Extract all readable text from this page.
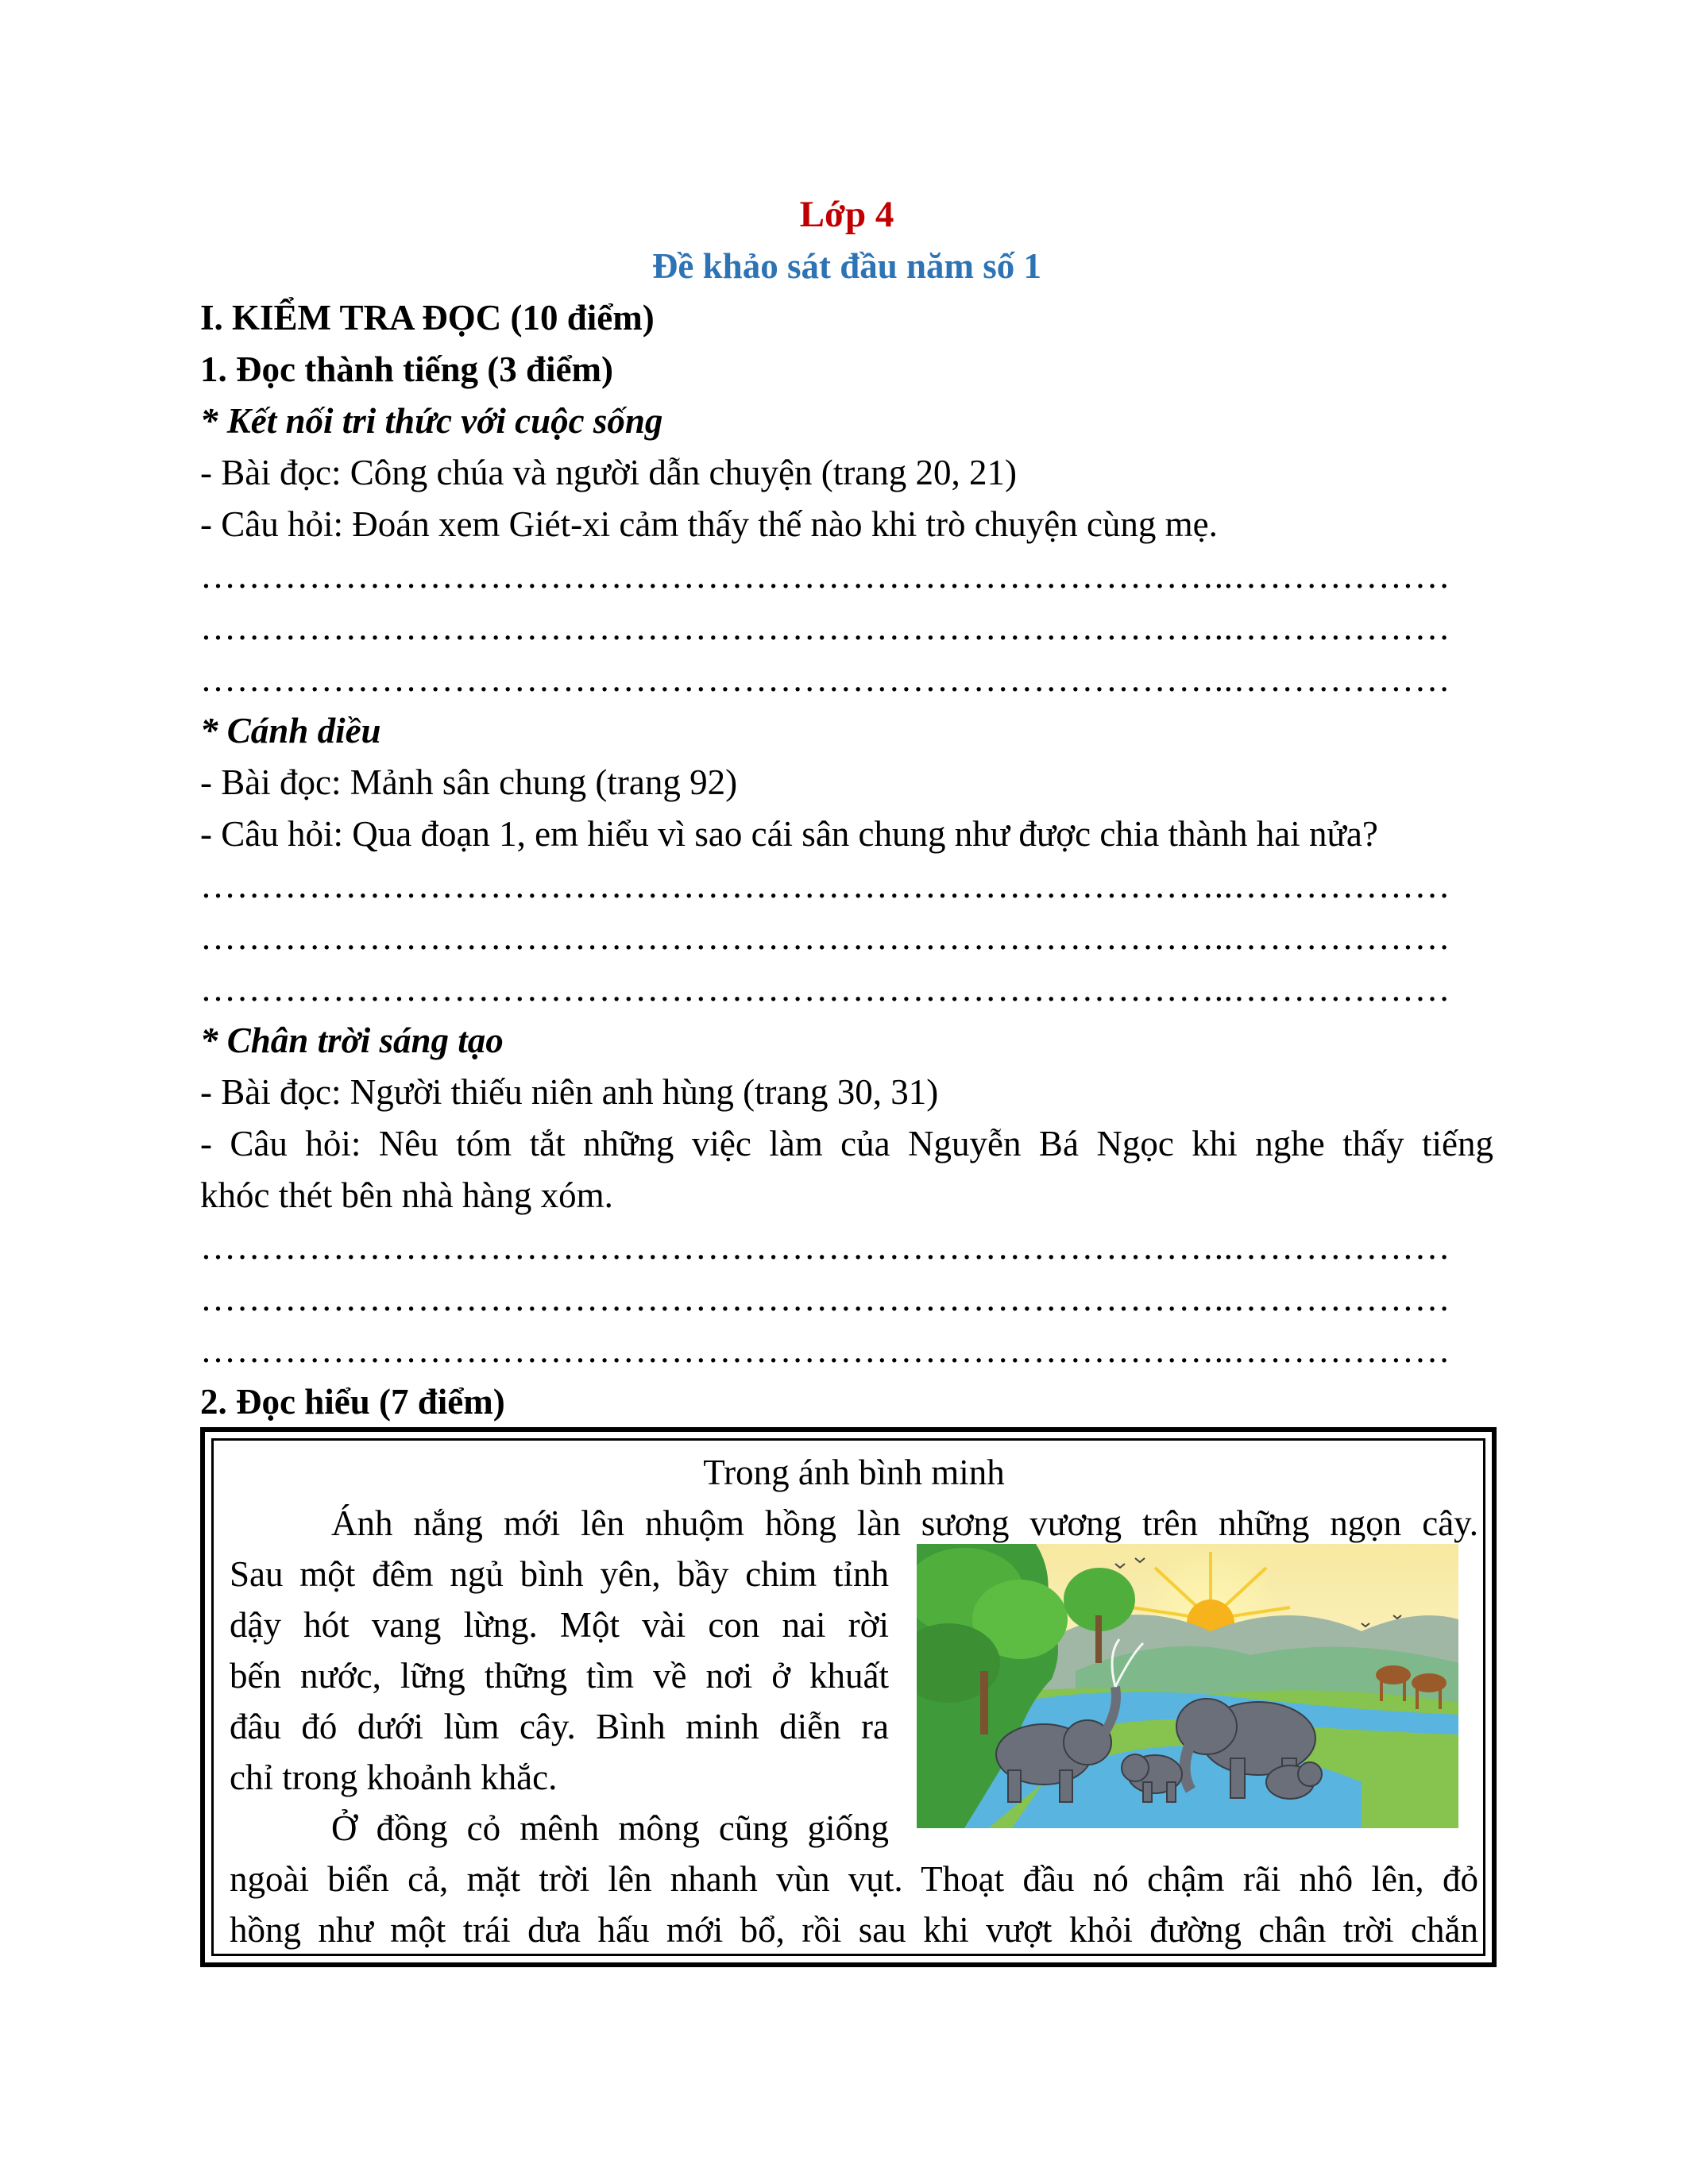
Lớp 4
Đề khảo sát đầu năm số 1
I. KIỂM TRA ĐỌC (10 điểm)
1. Đọc thành tiếng (3 điểm)
* Kết nối tri thức với cuộc sống
- Bài đọc: Công chúa và người dẫn chuyện (trang 20, 21)
- Câu hỏi: Đoán xem Giét-xi cảm thấy thế nào khi trò chuyện cùng mẹ.
…………………………………………………………………………..………………
…………………………………………………………………………..………………
…………………………………………………………………………..………………
* Cánh diều
- Bài đọc: Mảnh sân chung (trang 92)
- Câu hỏi: Qua đoạn 1, em hiểu vì sao cái sân chung như được chia thành hai nửa?
…………………………………………………………………………..………………
…………………………………………………………………………..………………
…………………………………………………………………………..………………
* Chân trời sáng tạo
- Bài đọc: Người thiếu niên anh hùng (trang 30, 31)
- Câu hỏi: Nêu tóm tắt những việc làm của Nguyễn Bá Ngọc khi nghe thấy tiếng
khóc thét bên nhà hàng xóm.
…………………………………………………………………………..………………
…………………………………………………………………………..………………
…………………………………………………………………………..………………
2. Đọc hiểu (7 điểm)
Trong ánh bình minh
Ánh nắng mới lên nhuộm hồng làn sương vương trên những ngọn cây.
Sau một đêm ngủ bình yên, bầy chim tỉnh
dậy hót vang lừng. Một vài con nai rời
bến nước, lững thững tìm về nơi ở khuất
đâu đó dưới lùm cây. Bình minh diễn ra
chỉ trong khoảnh khắc.
Ở đồng cỏ mênh mông cũng giống
ngoài biển cả, mặt trời lên nhanh vùn vụt. Thoạt đầu nó chậm rãi nhô lên, đỏ
hồng như một trái dưa hấu mới bổ, rồi sau khi vượt khỏi đường chân trời chắn
